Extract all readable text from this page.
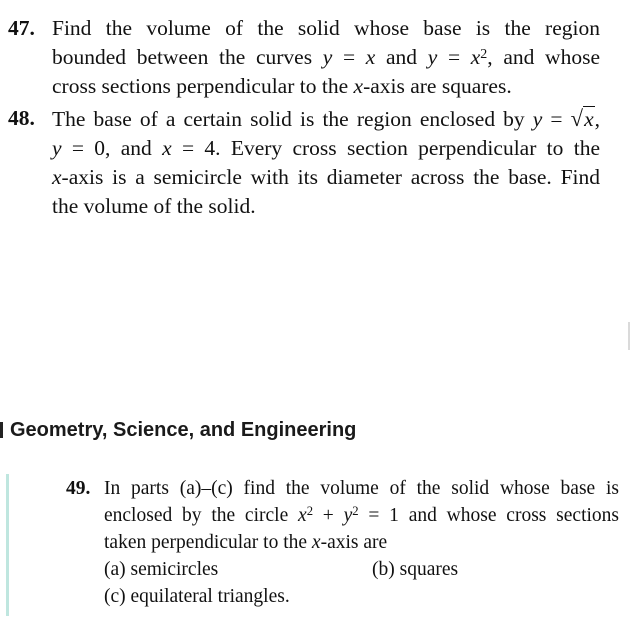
47. Find the volume of the solid whose base is the region
bounded between the curves y = x and $y = x^2$, and whose
cross sections perpendicular to the x-axis are squares.
48. The base of a certain solid is the region enclosed by y = √x,
y = 0, and x = 4. Every cross section perpendicular to the
x-axis is a semicircle with its diameter across the base. Find
the volume of the solid.
Geometry, Science, and Engineering
49. In parts (a)–(c) find the volume of the solid whose base is
enclosed by the circle $x^2 + y^2 = 1$ and whose cross sections
taken perpendicular to the x-axis are
(a) semicircles	(b) squares
(c) equilateral triangles.
